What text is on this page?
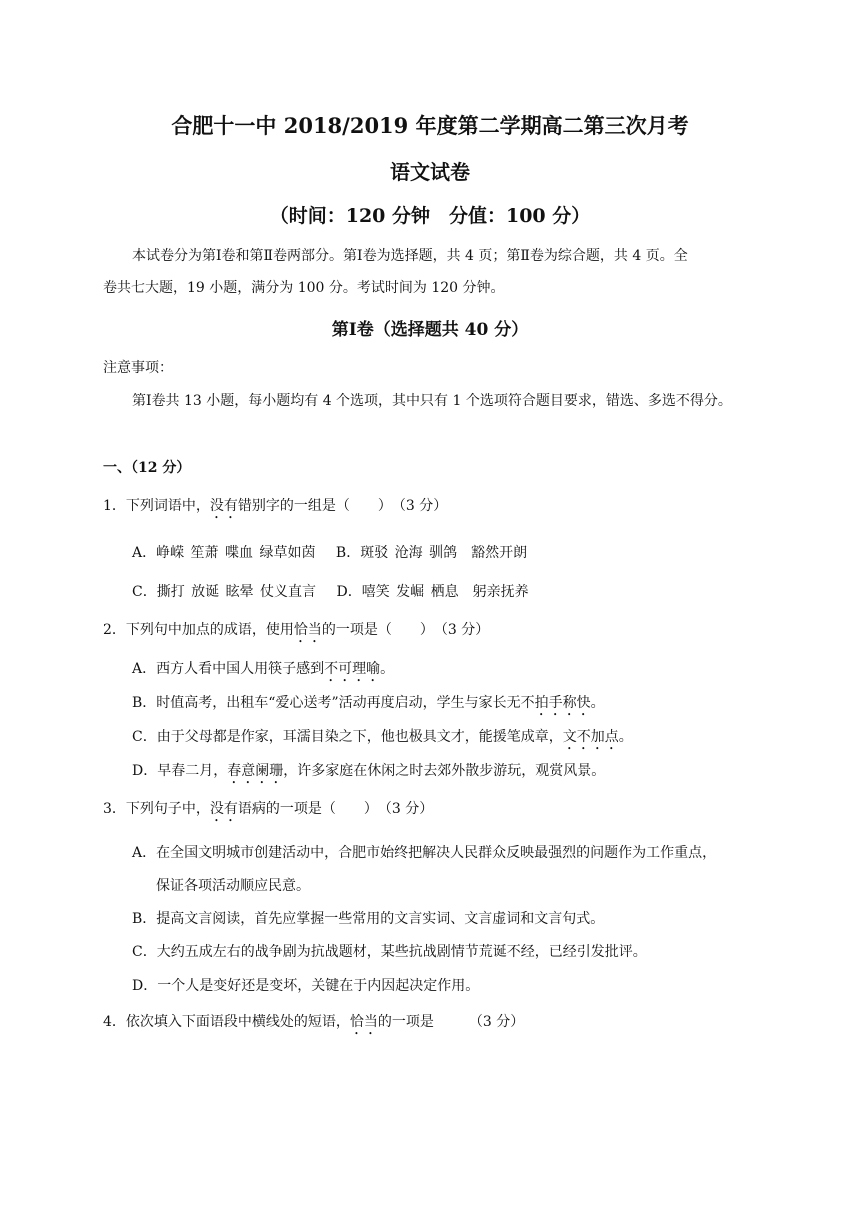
合肥十一中 2018/2019 年度第二学期高二第三次月考
语文试卷
（时间：120 分钟　分值：100 分）
本试卷分为第Ⅰ卷和第Ⅱ卷两部分。第Ⅰ卷为选择题，共 4 页；第Ⅱ卷为综合题，共 4 页。全
卷共七大题，19 小题，满分为 100 分。考试时间为 120 分钟。
第Ⅰ卷（选择题共 40 分）
注意事项：
第Ⅰ卷共 13 小题，每小题均有 4 个选项，其中只有 1 个选项符合题目要求，错选、多选不得分。
一、（12 分）
1．下列词语中，没有错别字的一组是（　　）　（3 分）
A．峥嵘 笙萧 喋血 绿草如茵　 B．斑驳 沧海 驯鸽　豁然开朗
C．撕打 放诞 眩晕 仗义直言　 D．嘻笑 发崛 栖息　躬亲抚养
2．下列句中加点的成语，使用恰当的一项是（　　）　（3 分）
A．西方人看中国人用筷子感到不可理喻。
B．时值高考，出租车“爱心送考”活动再度启动，学生与家长无不拍手称快。
C．由于父母都是作家，耳濡目染之下，他也极具文才，能援笔成章，文不加点。
D．早春二月，春意阑珊，许多家庭在休闲之时去郊外散步游玩，观赏风景。
3．下列句子中，没有语病的一项是（　　）　（3 分）
A．在全国文明城市创建活动中，合肥市始终把解决人民群众反映最强烈的问题作为工作重点，
保证各项活动顺应民意。
B．提高文言阅读，首先应掌握一些常用的文言实词、文言虚词和文言句式。
C．大约五成左右的战争剧为抗战题材，某些抗战剧情节荒诞不经，已经引发批评。
D．一个人是变好还是变坏，关键在于内因起决定作用。
4．依次填入下面语段中横线处的短语，恰当的一项是　　　（3 分）
